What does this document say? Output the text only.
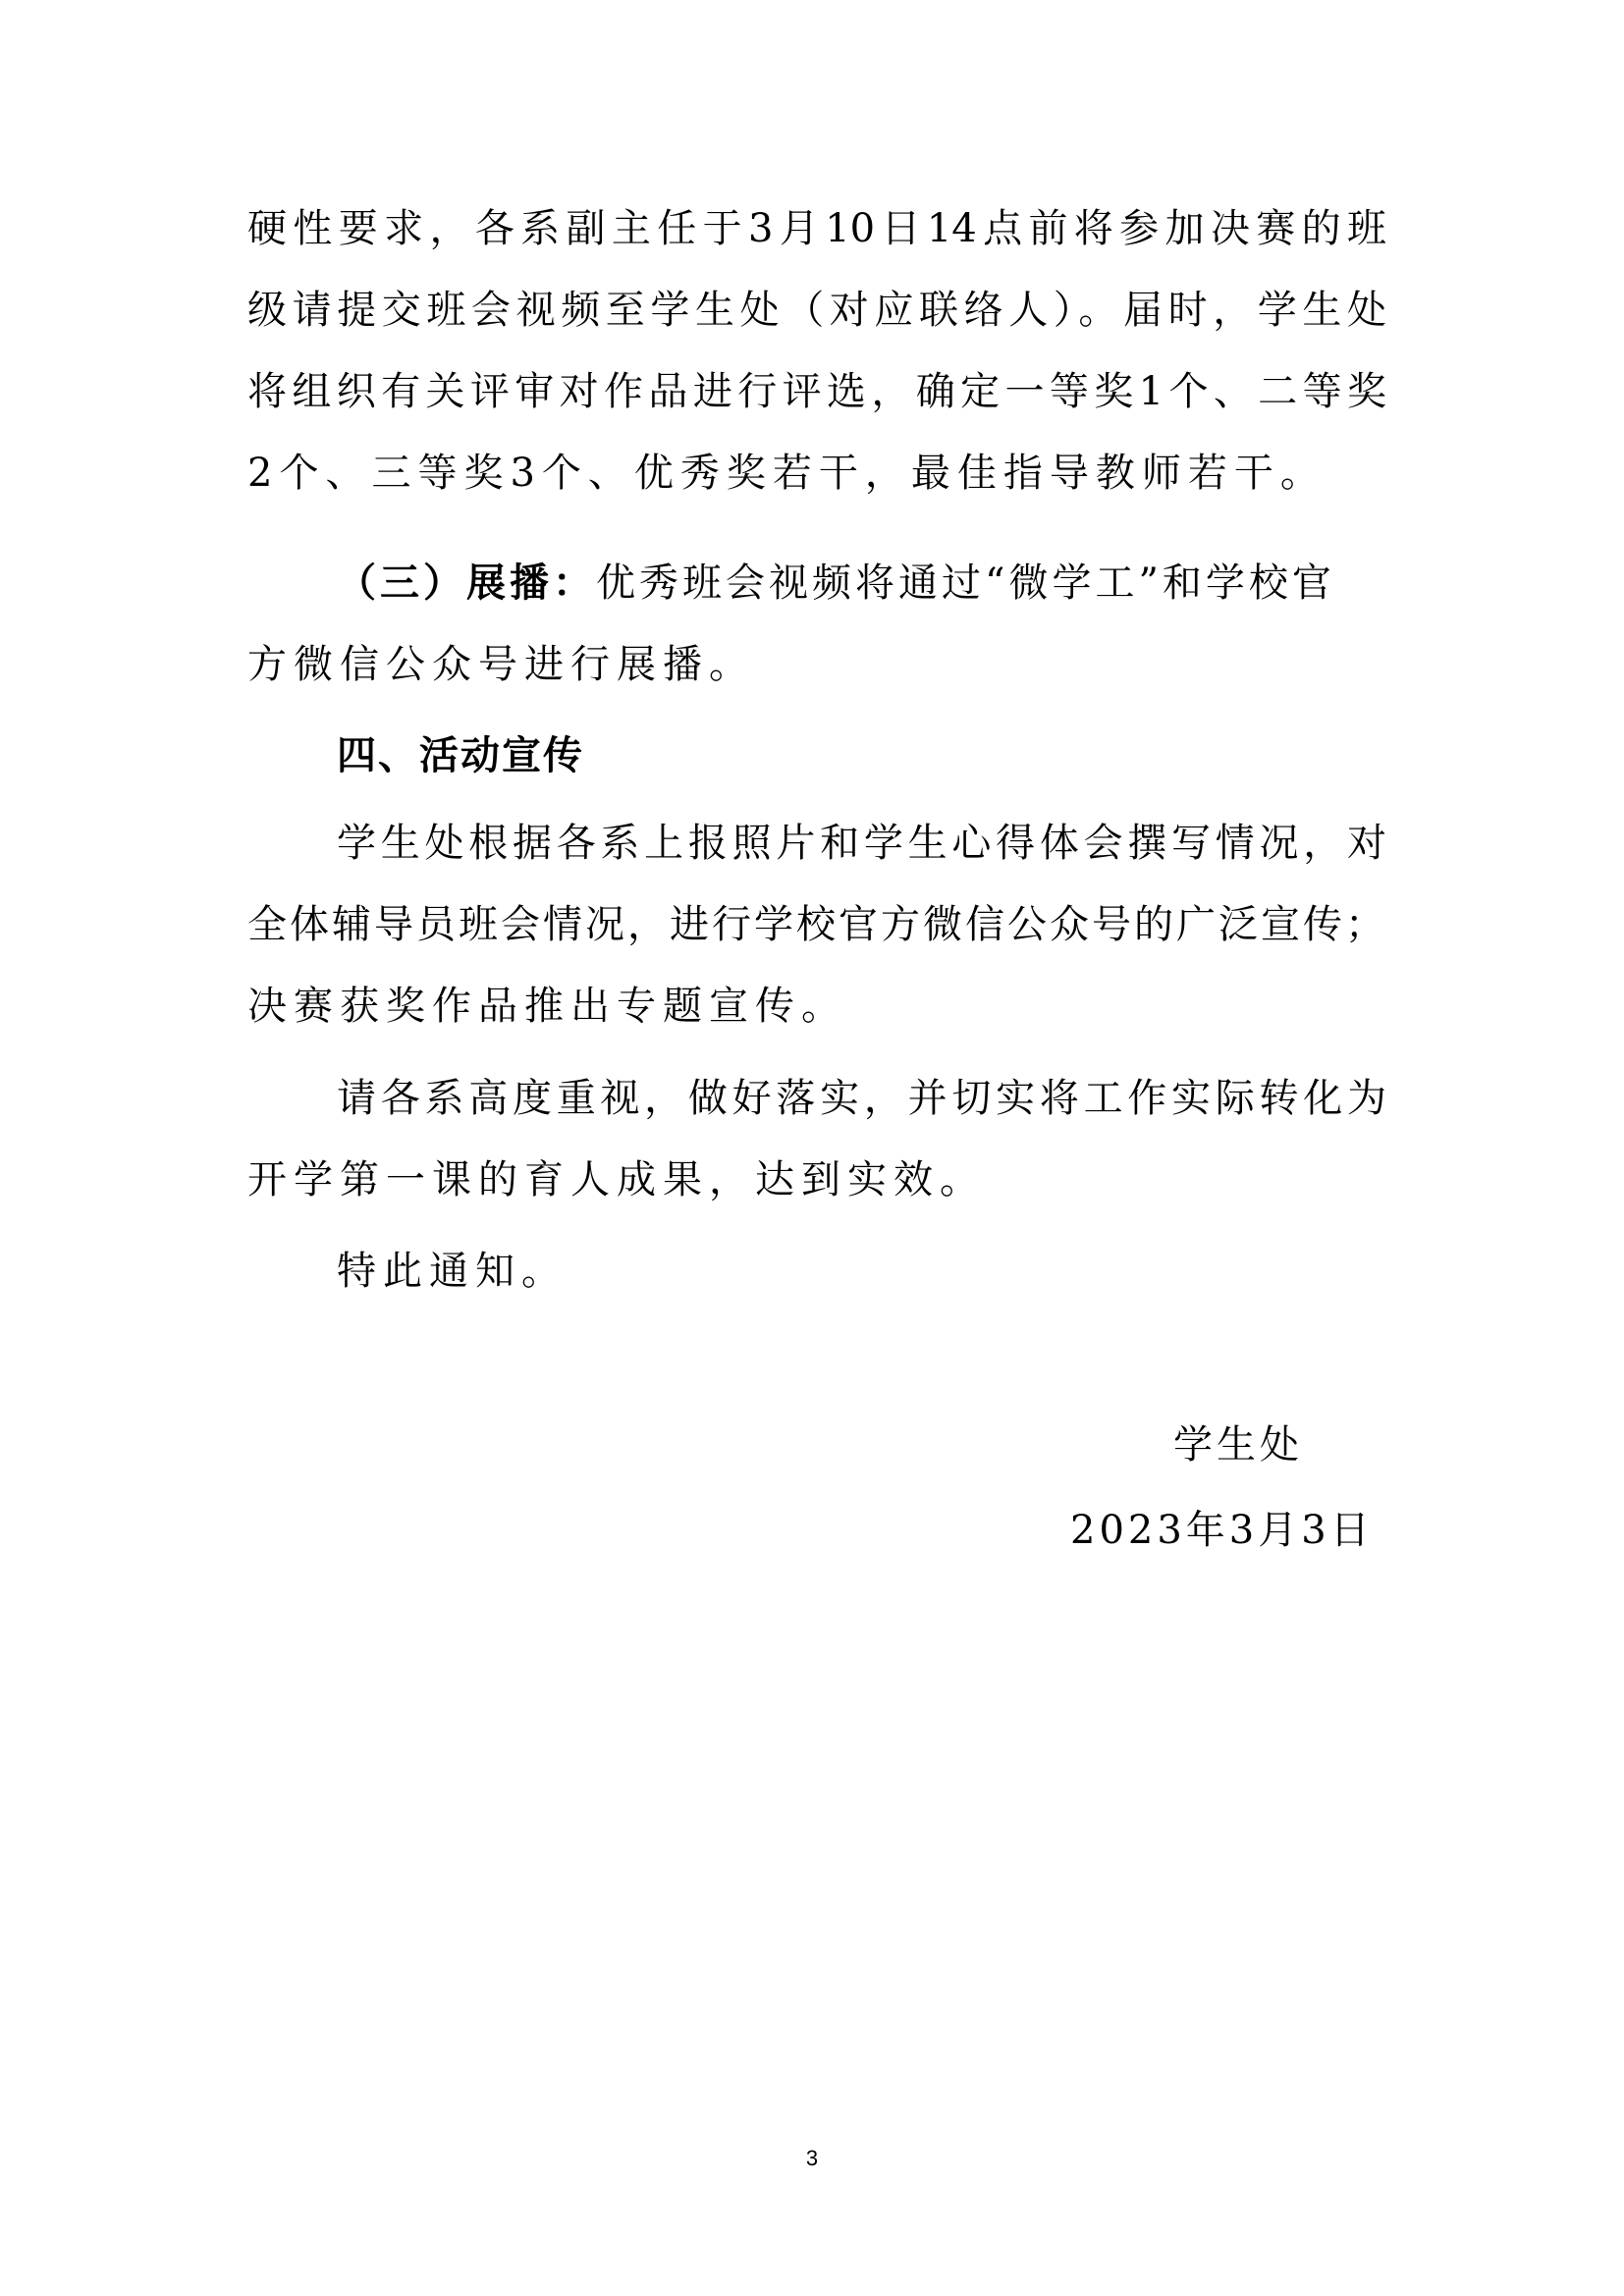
硬性要求，各系副主任于3月10日14点前将参加决赛的班
级请提交班会视频至学生处（对应联络人）。届时，学生处
将组织有关评审对作品进行评选，确定一等奖1个、二等奖
2个、三等奖3个、优秀奖若干，最佳指导教师若干。
（三）展播：优秀班会视频将通过“微学工”和学校官
方微信公众号进行展播。
四、活动宣传
学生处根据各系上报照片和学生心得体会撰写情况，对
全体辅导员班会情况，进行学校官方微信公众号的广泛宣传；
决赛获奖作品推出专题宣传。
请各系高度重视，做好落实，并切实将工作实际转化为
开学第一课的育人成果，达到实效。
特此通知。
学生处
2023年3月3日
3
